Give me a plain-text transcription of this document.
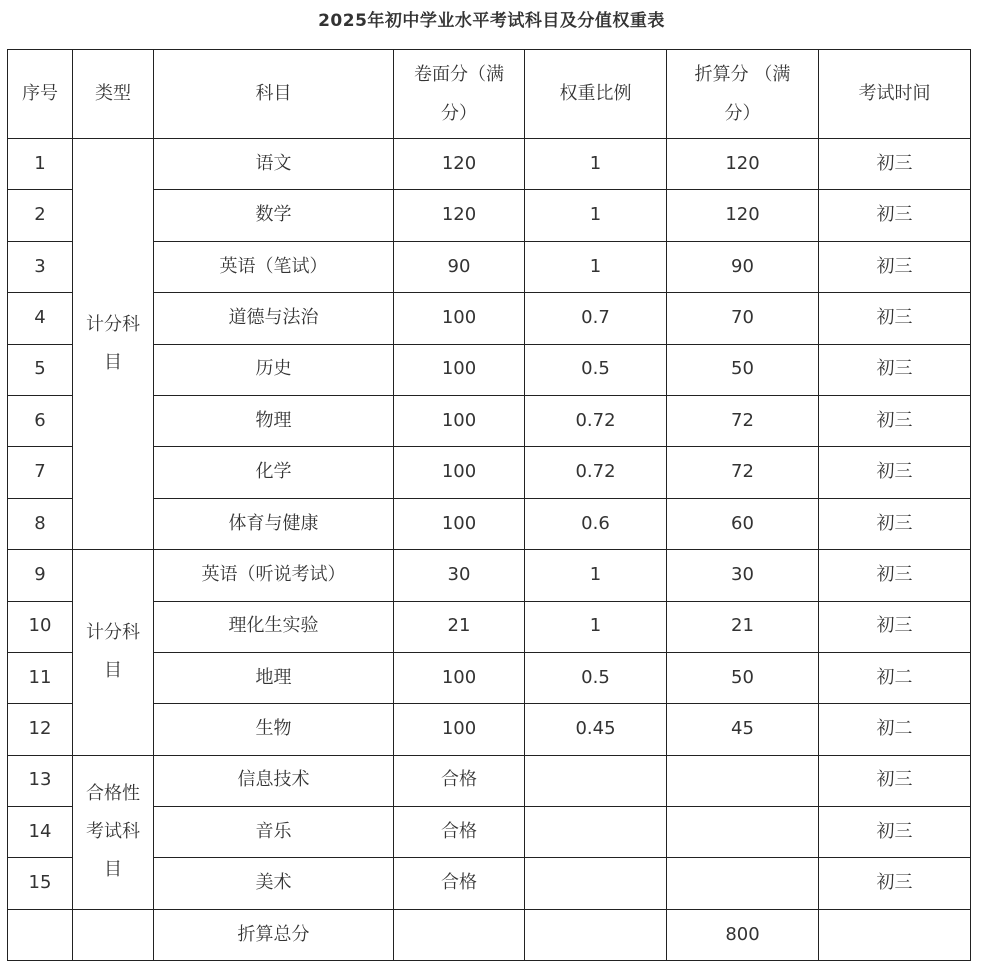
2025年初中学业水平考试科目及分值权重表
序号	类型	科目	卷面分（满分）	权重比例	折算分 （满分）	考试时间
1	计分科目	语文	120	1	120	初三
2		数学	120	1	120	初三
3		英语（笔试）	90	1	90	初三
4		道德与法治	100	0.7	70	初三
5		历史	100	0.5	50	初三
6		物理	100	0.72	72	初三
7		化学	100	0.72	72	初三
8		体育与健康	100	0.6	60	初三
9	计分科目	英语（听说考试）	30	1	30	初三
10		理化生实验	21	1	21	初三
11		地理	100	0.5	50	初二
12		生物	100	0.45	45	初二
13	合格性考试科目	信息技术	合格			初三
14		音乐	合格			初三
15		美术	合格			初三
		折算总分			800	
